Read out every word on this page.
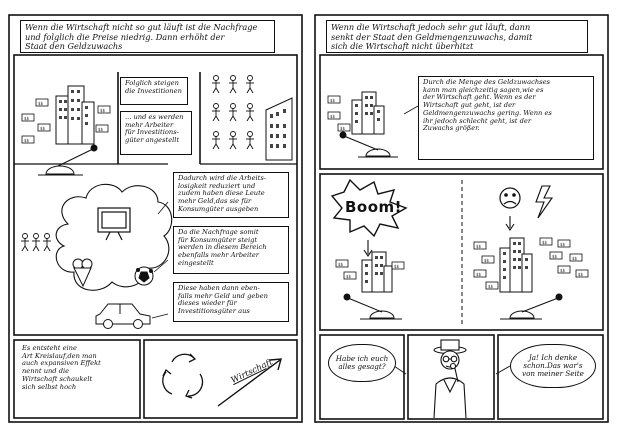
$$
$$
$$
$$
$$
$$
Wenn die Wirtschaft nicht so gut läuft ist die Nachfrage
und folglich die Preise niedrig. Dann erhöht der
Staat den Geldzuwachs
Folglich steigen
die Investitionen
... und es werden
mehr Arbeiter
für Investitions-
güter angestellt
Dadurch wird die Arbeits-
losigkeit reduziert und
zudem haben diese Leute
mehr Geld,das sie für
Konsumgüter ausgeben
Da die Nachfrage somit
für Konsumgüter steigt
werden in diesem Bereich
ebenfalls mehr Arbeiter
eingestellt
Diese haben dann eben-
falls mehr Geld und geben
dieses wieder für
Investitionsgüter aus
Es entsteht eine
Art Kreislauf,den man
auch expansiven Effekt
nennt und die
Wirtschaft schaukelt
sich selbst hoch
Wirtschaft
$$
$$
$$
$$
$$
$$
$$
$$
$$
$$
$$	$$
$$	$$
$$
$$
Wenn die Wirtschaft jedoch sehr gut läuft, dann
senkt der Staat den Geldmengenzuwachs, damit
sich die Wirtschaft nicht überhitzt
Durch die Menge des Geldzuwachses
kann man gleichzeitig sagen,wie es
der Wirtschaft geht. Wenn es der
Wirtschaft gut geht, ist der
Geldmengenzuwachs gering. Wenn es
ihr jedoch schlecht geht, ist der
Zuwachs größer.
Boom!
Habe ich euch
alles gesagt?
Ja! Ich denke
schon.Das war's
von meiner Seite
